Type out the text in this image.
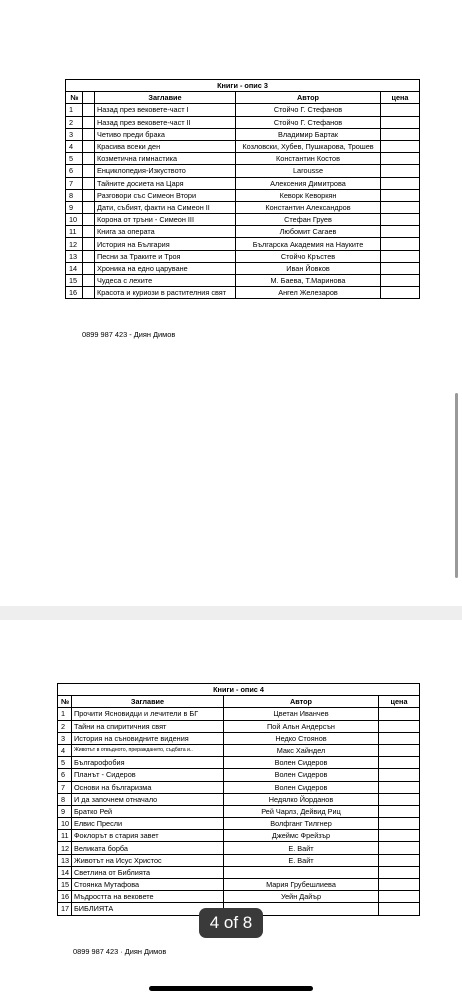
Книги - опис 3				
№		Заглавие	Автор	цена
1		Назад през вековете-част I	Стойчо Г. Стефанов	
2		Назад през вековете-част II	Стойчо Г. Стефанов	
3		Четиво преди брака	Владимир Бартак	
4		Красива всеки ден	Козловски, Хубев, Пушкарова, Трошев	
5		Козметична гимнастика	Константин Костов	
6		Енциклопедия-Изкуството	Larousse	
7		Тайните досиета на Царя	Алексения Димитрова	
8		Разговори със Симеон Втори	Кеворк Кеворкян	
9		Дати, събият, факти на Симеон II	Константин Александров	
10		Корона от тръни - Симеон III	Стефан Груев	
11		Книга за операта	Любомит Сагаев	
12		История на България	Българска Академия на Науките	
13		Песни за Траките и Троя	Стойчо Кръстев	
14		Хроника на едно царуване	Иван Йовков	
15		Чудеса с лехите	М. Баева, Т.Маринова	
16		Красота и куриози в растителния свят	Ангел Железаров	
0899 987 423 - Диян Димов
Книги - опис 4			
№	Заглавие	Автор	цена
1	Прочити Ясновидци и лечители в БГ	Цветан Иванчев	
2	Тайни на спиритичния свят	Пой Альн Андерсън	
3	История на съновидните видения	Недко Стоянов	
4	Животът в отвъдното, прераждането, съдбата и..	Макс Хайндел	
5	Българофобия	Волен Сидеров	
6	Планът - Сидеров	Волен Сидеров	
7	Основи на българизма	Волен Сидеров	
8	И да започнем отначало	Недялко Йорданов	
9	Братко Рей	Рей Чарлз, Дейвид Риц	
10	Елвис Пресли	Волфганг Тилгнер	
11	Фоклорът в стария завет	Джеймс Фрейзър	
12	Великата борба	Е. Вайт	
13	Животът на Исус Христос	Е. Вайт	
14	Светлина от Библията		
15	Стоянка Мутафова	Мария Грубешлиева	
16	Мъдростта на вековете	Уейн Дайър	
17	БИБЛИЯТА		
0899 987 423 · Диян Димов
4 of 8
